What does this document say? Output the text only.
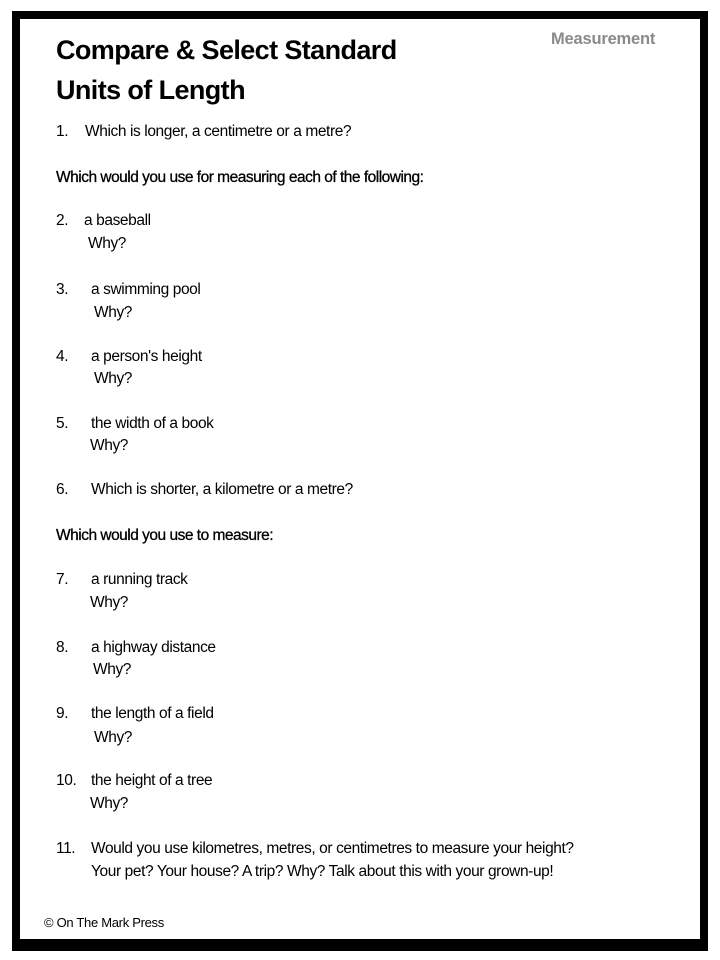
Compare & Select Standard
Units of Length
Measurement
1. Which is longer, a centimetre or a metre?
Which would you use for measuring each of the following:
2. a baseball
Why?
3. a swimming pool
Why?
4. a person's height
Why?
5. the width of a book
Why?
6. Which is shorter, a kilometre or a metre?
Which would you use to measure:
7. a running track
Why?
8. a highway distance
Why?
9. the length of a field
Why?
10. the height of a tree
Why?
11. Would you use kilometres, metres, or centimetres to measure your height?
Your pet? Your house? A trip? Why? Talk about this with your grown-up!
© On The Mark Press
